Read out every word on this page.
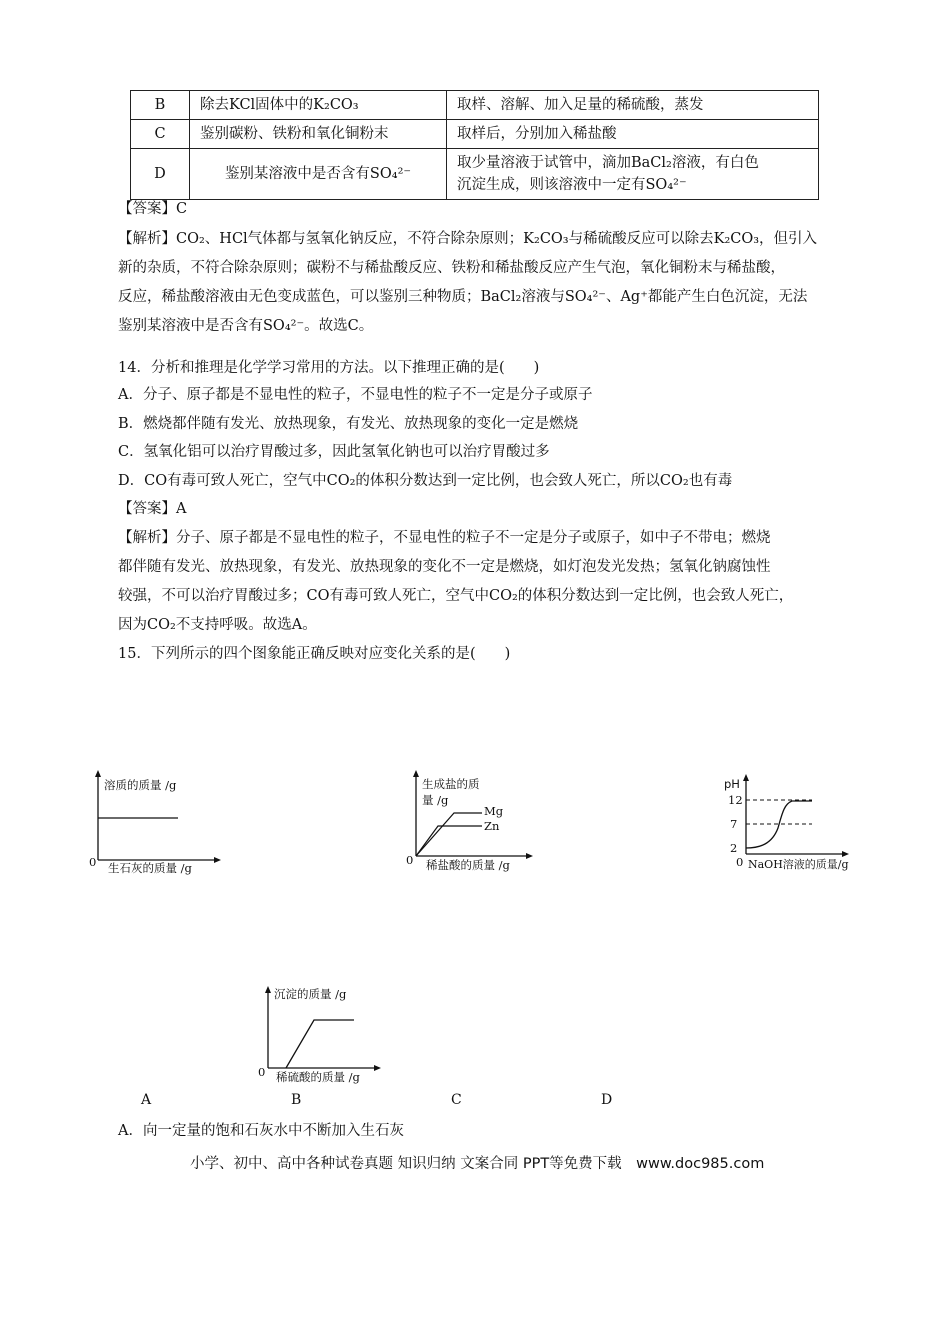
B	除去KCl固体中的K₂CO₃	取样、溶解、加入足量的稀硫酸，蒸发
C	鉴别碳粉、铁粉和氧化铜粉末	取样后，分别加入稀盐酸
D	鉴别某溶液中是否含有SO₄²⁻	取少量溶液于试管中，滴加BaCl₂溶液，有白色
沉淀生成，则该溶液中一定有SO₄²⁻
【答案】C
【解析】CO₂、HCl气体都与氢氧化钠反应，不符合除杂原则；K₂CO₃与稀硫酸反应可以除去K₂CO₃，但引入
新的杂质，不符合除杂原则；碳粉不与稀盐酸反应、铁粉和稀盐酸反应产生气泡，氧化铜粉末与稀盐酸，
反应，稀盐酸溶液由无色变成蓝色，可以鉴别三种物质；BaCl₂溶液与SO₄²⁻、Ag⁺都能产生白色沉淀，无法
鉴别某溶液中是否含有SO₄²⁻。故选C。
14．分析和推理是化学学习常用的方法。以下推理正确的是(　　)
A．分子、原子都是不显电性的粒子，不显电性的粒子不一定是分子或原子
B．燃烧都伴随有发光、放热现象，有发光、放热现象的变化一定是燃烧
C．氢氧化铝可以治疗胃酸过多，因此氢氧化钠也可以治疗胃酸过多
D．CO有毒可致人死亡，空气中CO₂的体积分数达到一定比例，也会致人死亡，所以CO₂也有毒
【答案】A
【解析】分子、原子都是不显电性的粒子，不显电性的粒子不一定是分子或原子，如中子不带电；燃烧
都伴随有发光、放热现象，有发光、放热现象的变化不一定是燃烧，如灯泡发光发热；氢氧化钠腐蚀性
较强，不可以治疗胃酸过多；CO有毒可致人死亡，空气中CO₂的体积分数达到一定比例，也会致人死亡，
因为CO₂不支持呼吸。故选A。
15．下列所示的四个图象能正确反映对应变化关系的是(　　)
溶质的质量 /g
生石灰的质量 /g
0
生成盐的质
量 /g
Mg
Zn
稀盐酸的质量 /g
0
pH
12
7
2
0 NaOH溶液的质量/g
沉淀的质量 /g
稀硫酸的质量 /g
0
A	B	C	D
A．向一定量的饱和石灰水中不断加入生石灰
小学、初中、高中各种试卷真题 知识归纳 文案合同 PPT等免费下载　www.doc985.com
